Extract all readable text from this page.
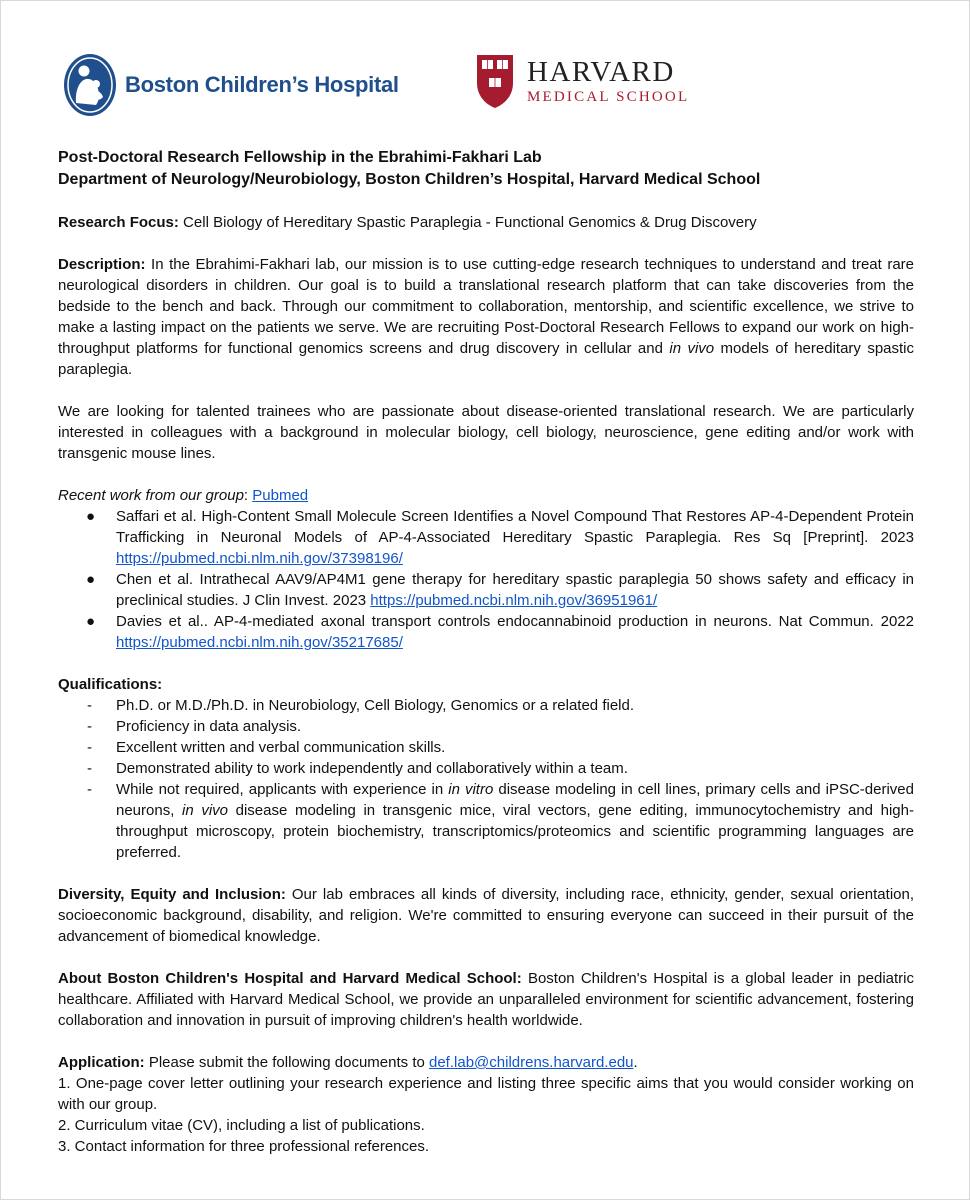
Boston Children’s Hospital	HARVARD
MEDICAL SCHOOL

Post-Doctoral Research Fellowship in the Ebrahimi-Fakhari Lab

Department of Neurology/Neurobiology, Boston Children’s Hospital, Harvard Medical School

Research Focus: Cell Biology of Hereditary Spastic Paraplegia - Functional Genomics & Drug Discovery

Description: In the Ebrahimi-Fakhari lab, our mission is to use cutting-edge research techniques to understand and treat rare neurological disorders in children. Our goal is to build a translational research platform that can take discoveries from the bedside to the bench and back. Through our commitment to collaboration, mentorship, and scientific excellence, we strive to make a lasting impact on the patients we serve. We are recruiting Post-Doctoral Research Fellows to expand our work on high-throughput platforms for functional genomics screens and drug discovery in cellular and in vivo models of hereditary spastic paraplegia.

We are looking for talented trainees who are passionate about disease-oriented translational research. We are particularly interested in colleagues with a background in molecular biology, cell biology, neuroscience, gene editing and/or work with transgenic mouse lines.

Recent work from our group: Pubmed

● Saffari et al. High-Content Small Molecule Screen Identifies a Novel Compound That Restores AP-4-Dependent Protein Trafficking in Neuronal Models of AP-4-Associated Hereditary Spastic Paraplegia. Res Sq [Preprint]. 2023 https://pubmed.ncbi.nlm.nih.gov/37398196/
● Chen et al. Intrathecal AAV9/AP4M1 gene therapy for hereditary spastic paraplegia 50 shows safety and efficacy in preclinical studies. J Clin Invest. 2023 https://pubmed.ncbi.nlm.nih.gov/36951961/
● Davies et al.. AP-4-mediated axonal transport controls endocannabinoid production in neurons. Nat Commun. 2022 https://pubmed.ncbi.nlm.nih.gov/35217685/

Qualifications:

- Ph.D. or M.D./Ph.D. in Neurobiology, Cell Biology, Genomics or a related field.
- Proficiency in data analysis.
- Excellent written and verbal communication skills.
- Demonstrated ability to work independently and collaboratively within a team.
- While not required, applicants with experience in in vitro disease modeling in cell lines, primary cells and iPSC-derived neurons, in vivo disease modeling in transgenic mice, viral vectors, gene editing, immunocytochemistry and high-throughput microscopy, protein biochemistry, transcriptomics/proteomics and scientific programming languages are preferred.

Diversity, Equity and Inclusion: Our lab embraces all kinds of diversity, including race, ethnicity, gender, sexual orientation, socioeconomic background, disability, and religion. We're committed to ensuring everyone can succeed in their pursuit of the advancement of biomedical knowledge.

About Boston Children's Hospital and Harvard Medical School: Boston Children's Hospital is a global leader in pediatric healthcare. Affiliated with Harvard Medical School, we provide an unparalleled environment for scientific advancement, fostering collaboration and innovation in pursuit of improving children's health worldwide.

Application: Please submit the following documents to def.lab@childrens.harvard.edu.

1. One-page cover letter outlining your research experience and listing three specific aims that you would consider working on with our group.

2. Curriculum vitae (CV), including a list of publications.

3. Contact information for three professional references.
